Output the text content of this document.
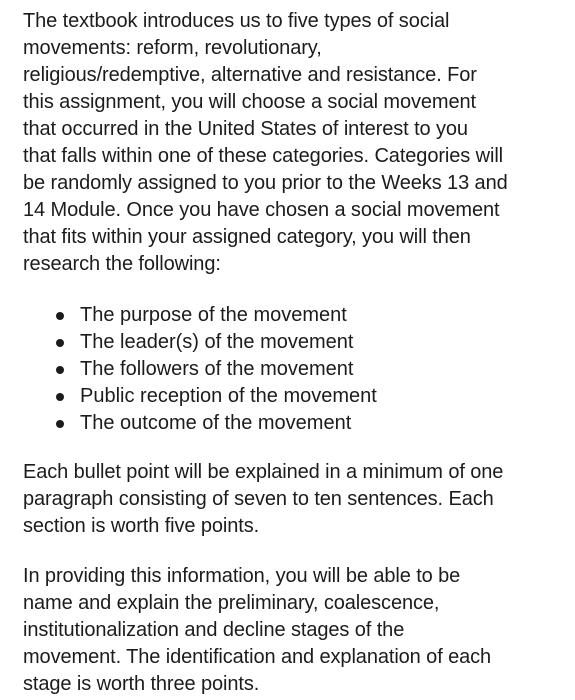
The textbook introduces us to five types of social
movements: reform, revolutionary,
religious/redemptive, alternative and resistance. For
this assignment, you will choose a social movement
that occurred in the United States of interest to you
that falls within one of these categories. Categories will
be randomly assigned to you prior to the Weeks 13 and
14 Module. Once you have chosen a social movement
that fits within your assigned category, you will then
research the following:
The purpose of the movement
The leader(s) of the movement
The followers of the movement
Public reception of the movement
The outcome of the movement
Each bullet point will be explained in a minimum of one
paragraph consisting of seven to ten sentences. Each
section is worth five points.
In providing this information, you will be able to be
name and explain the preliminary, coalescence,
institutionalization and decline stages of the
movement. The identification and explanation of each
stage is worth three points.
